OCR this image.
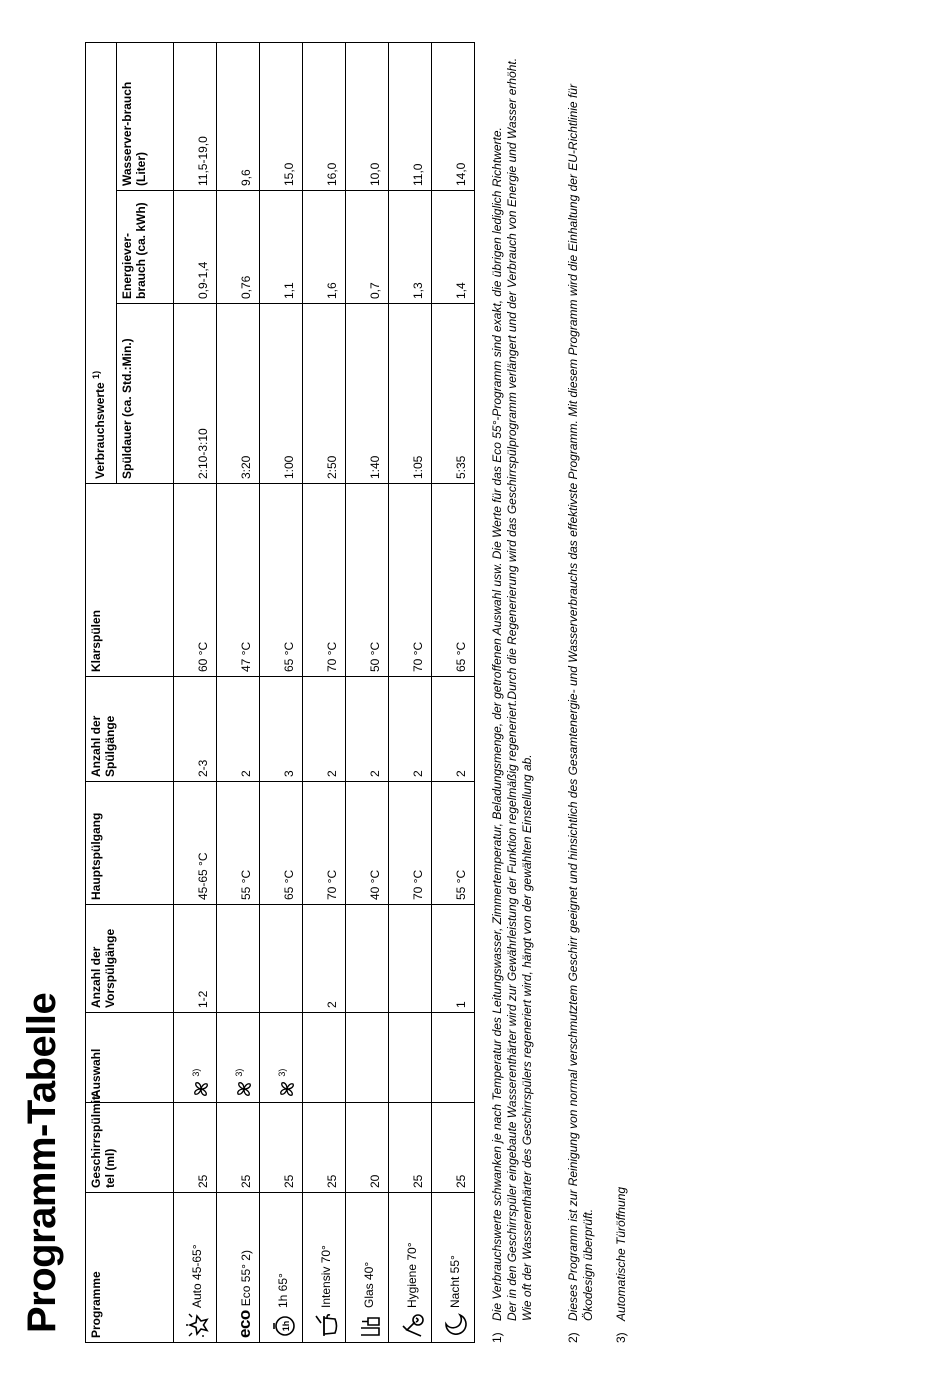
Programm-Tabelle Programme	Geschirrspülmit-tel (ml)	Auswahl	Anzahl der Vorspülgänge	Hauptspülgang	Anzahl der Spülgänge	Klarspülen	Verbrauchswerte $^{1)}$
							Spüldauer (ca. Std.:Min.)	Energiever-brauch (ca. kWh)	Wasserver-brauch (Liter)
Auto 45-65°	25	$^{3)}$	1-2	45-65 °C	2-3	60 °C	2:10-3:10	0,9-1,4	11,5-19,0
ecoEco 55° 2)	25	$^{3)}$		55 °C	2	47 °C	3:20	0,76	9,6

1h
1h 65°	25	$^{3)}$		65 °C	3	65 °C	1:00	1,1	15,0
Intensiv 70°	25		2	70 °C	2	70 °C	2:50	1,6	16,0
Glas 40°	20			40 °C	2	50 °C	1:40	0,7	10,0
Hygiene 70°	25			70 °C	2	70 °C	1:05	1,3	11,0
Nacht 55°	25		1	55 °C	2	65 °C	5:35	1,4	14,0
1)
Die Verbrauchswerte schwanken je nach Temperatur des Leitungswasser, Zimmertemperatur, Beladungsmenge, der getroffenen Auswahl usw. Die Werte für das Eco 55°-Programm sind exakt, die übrigen lediglich Richtwerte. Der in den Geschirrspüler eingebaute Wasserenthärter wird zur Gewährleistung der Funktion regelmäßig regeneriert.Durch die Regenerierung wird das Geschirrspülprogramm verlängert und der Verbrauch von Energie und Wasser erhöht. Wie oft der Wasserenthärter des Geschirrspülers regeneriert wird, hängt von der gewählten Einstellung ab.
2)
Dieses Programm ist zur Reinigung von normal verschmutztem Geschirr geeignet und hinsichtlich des Gesamtenergie- und Wasserverbrauchs das effektivste Programm. Mit diesem Programm wird die Einhaltung der EU-Richtlinie für Ökodesign überprüft.
3)
Automatische Türöffnung
